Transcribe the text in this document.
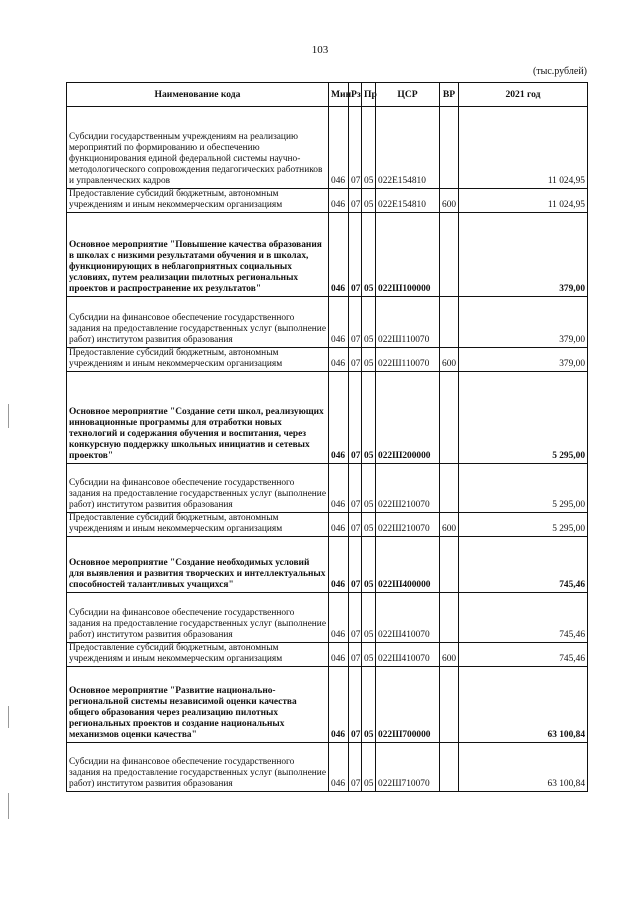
103
(тыс.рублей)
Наименование кода	Мин	Рз	Пр	ЦСР	ВР	2021 год
Субсидии государственным учреждениям на реализацию мероприятий по формированию и обеспечению функционирования единой федеральной системы научно-методологического сопровождения педагогических работников и управленческих кадров	046	07	05	022E154810		11 024,95
Предоставление субсидий бюджетным, автономным учреждениям и иным некоммерческим организациям	046	07	05	022E154810	600	11 024,95
Основное мероприятие "Повышение качества образования в школах с низкими результатами обучения и в школах, функционирующих в неблагоприятных социальных условиях, путем реализации пилотных региональных проектов и распространение их результатов"	046	07	05	022Ш100000		379,00
Субсидии на финансовое обеспечение государственного задания на предоставление государственных услуг (выполнение работ) институтом развития образования	046	07	05	022Ш110070		379,00
Предоставление субсидий бюджетным, автономным учреждениям и иным некоммерческим организациям	046	07	05	022Ш110070	600	379,00
Основное мероприятие "Создание сети школ, реализующих инновационные программы для отработки новых технологий и содержания обучения и воспитания, через конкурсную поддержку школьных инициатив и сетевых проектов"	046	07	05	022Ш200000		5 295,00
Субсидии на финансовое обеспечение государственного задания на предоставление государственных услуг (выполнение работ) институтом развития образования	046	07	05	022Ш210070		5 295,00
Предоставление субсидий бюджетным, автономным учреждениям и иным некоммерческим организациям	046	07	05	022Ш210070	600	5 295,00
Основное мероприятие "Создание необходимых условий для выявления и развития творческих и интеллектуальных способностей талантливых учащихся"	046	07	05	022Ш400000		745,46
Субсидии на финансовое обеспечение государственного задания на предоставление государственных услуг (выполнение работ) институтом развития образования	046	07	05	022Ш410070		745,46
Предоставление субсидий бюджетным, автономным учреждениям и иным некоммерческим организациям	046	07	05	022Ш410070	600	745,46
Основное мероприятие "Развитие национально-региональной системы независимой оценки качества общего образования через реализацию пилотных региональных проектов и создание национальных механизмов оценки качества"	046	07	05	022Ш700000		63 100,84
Субсидии на финансовое обеспечение государственного задания на предоставление государственных услуг (выполнение работ) институтом развития образования	046	07	05	022Ш710070		63 100,84
